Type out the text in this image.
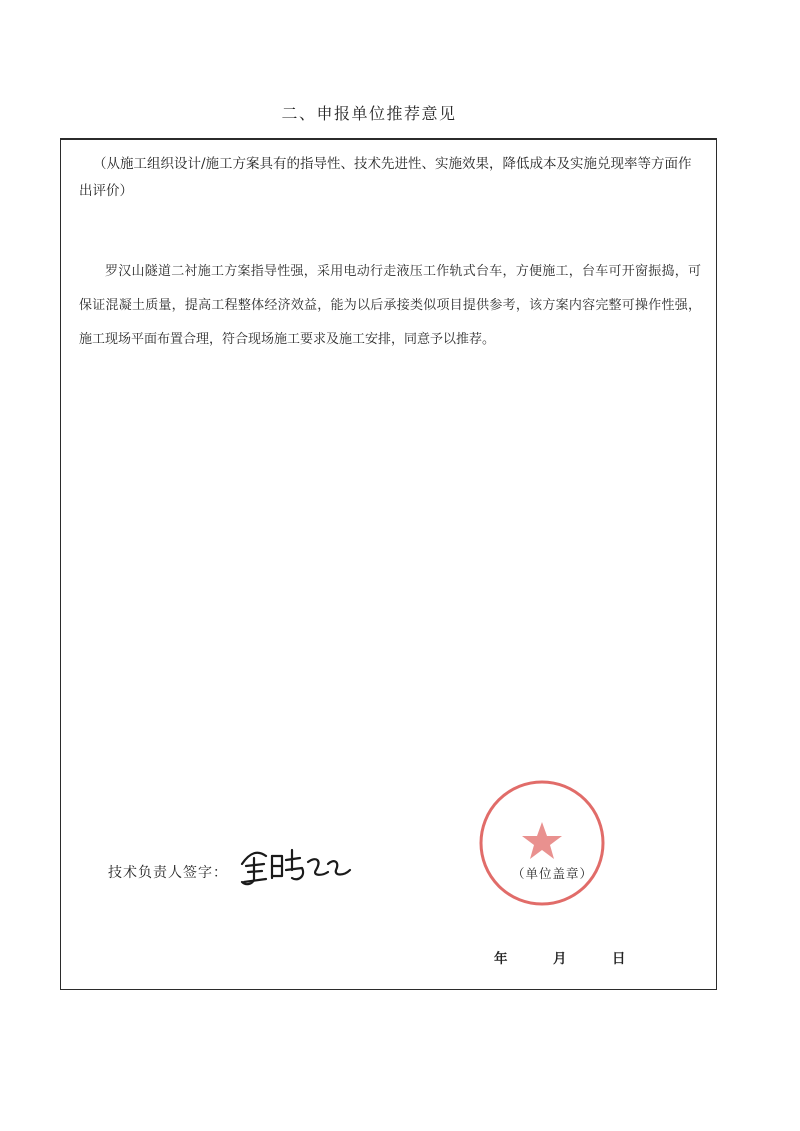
二、申报单位推荐意见
（从施工组织设计/施工方案具有的指导性、技术先进性、实施效果，降低成本及实施兑现率等方面作出评价）
罗汉山隧道二衬施工方案指导性强，采用电动行走液压工作轨式台车，方便施工，台车可开窗振捣，可保证混凝土质量，提高工程整体经济效益，能为以后承接类似项目提供参考，该方案内容完整可操作性强，施工现场平面布置合理，符合现场施工要求及施工安排，同意予以推荐。
技术负责人签字：	（单位盖章）
年	月	日
